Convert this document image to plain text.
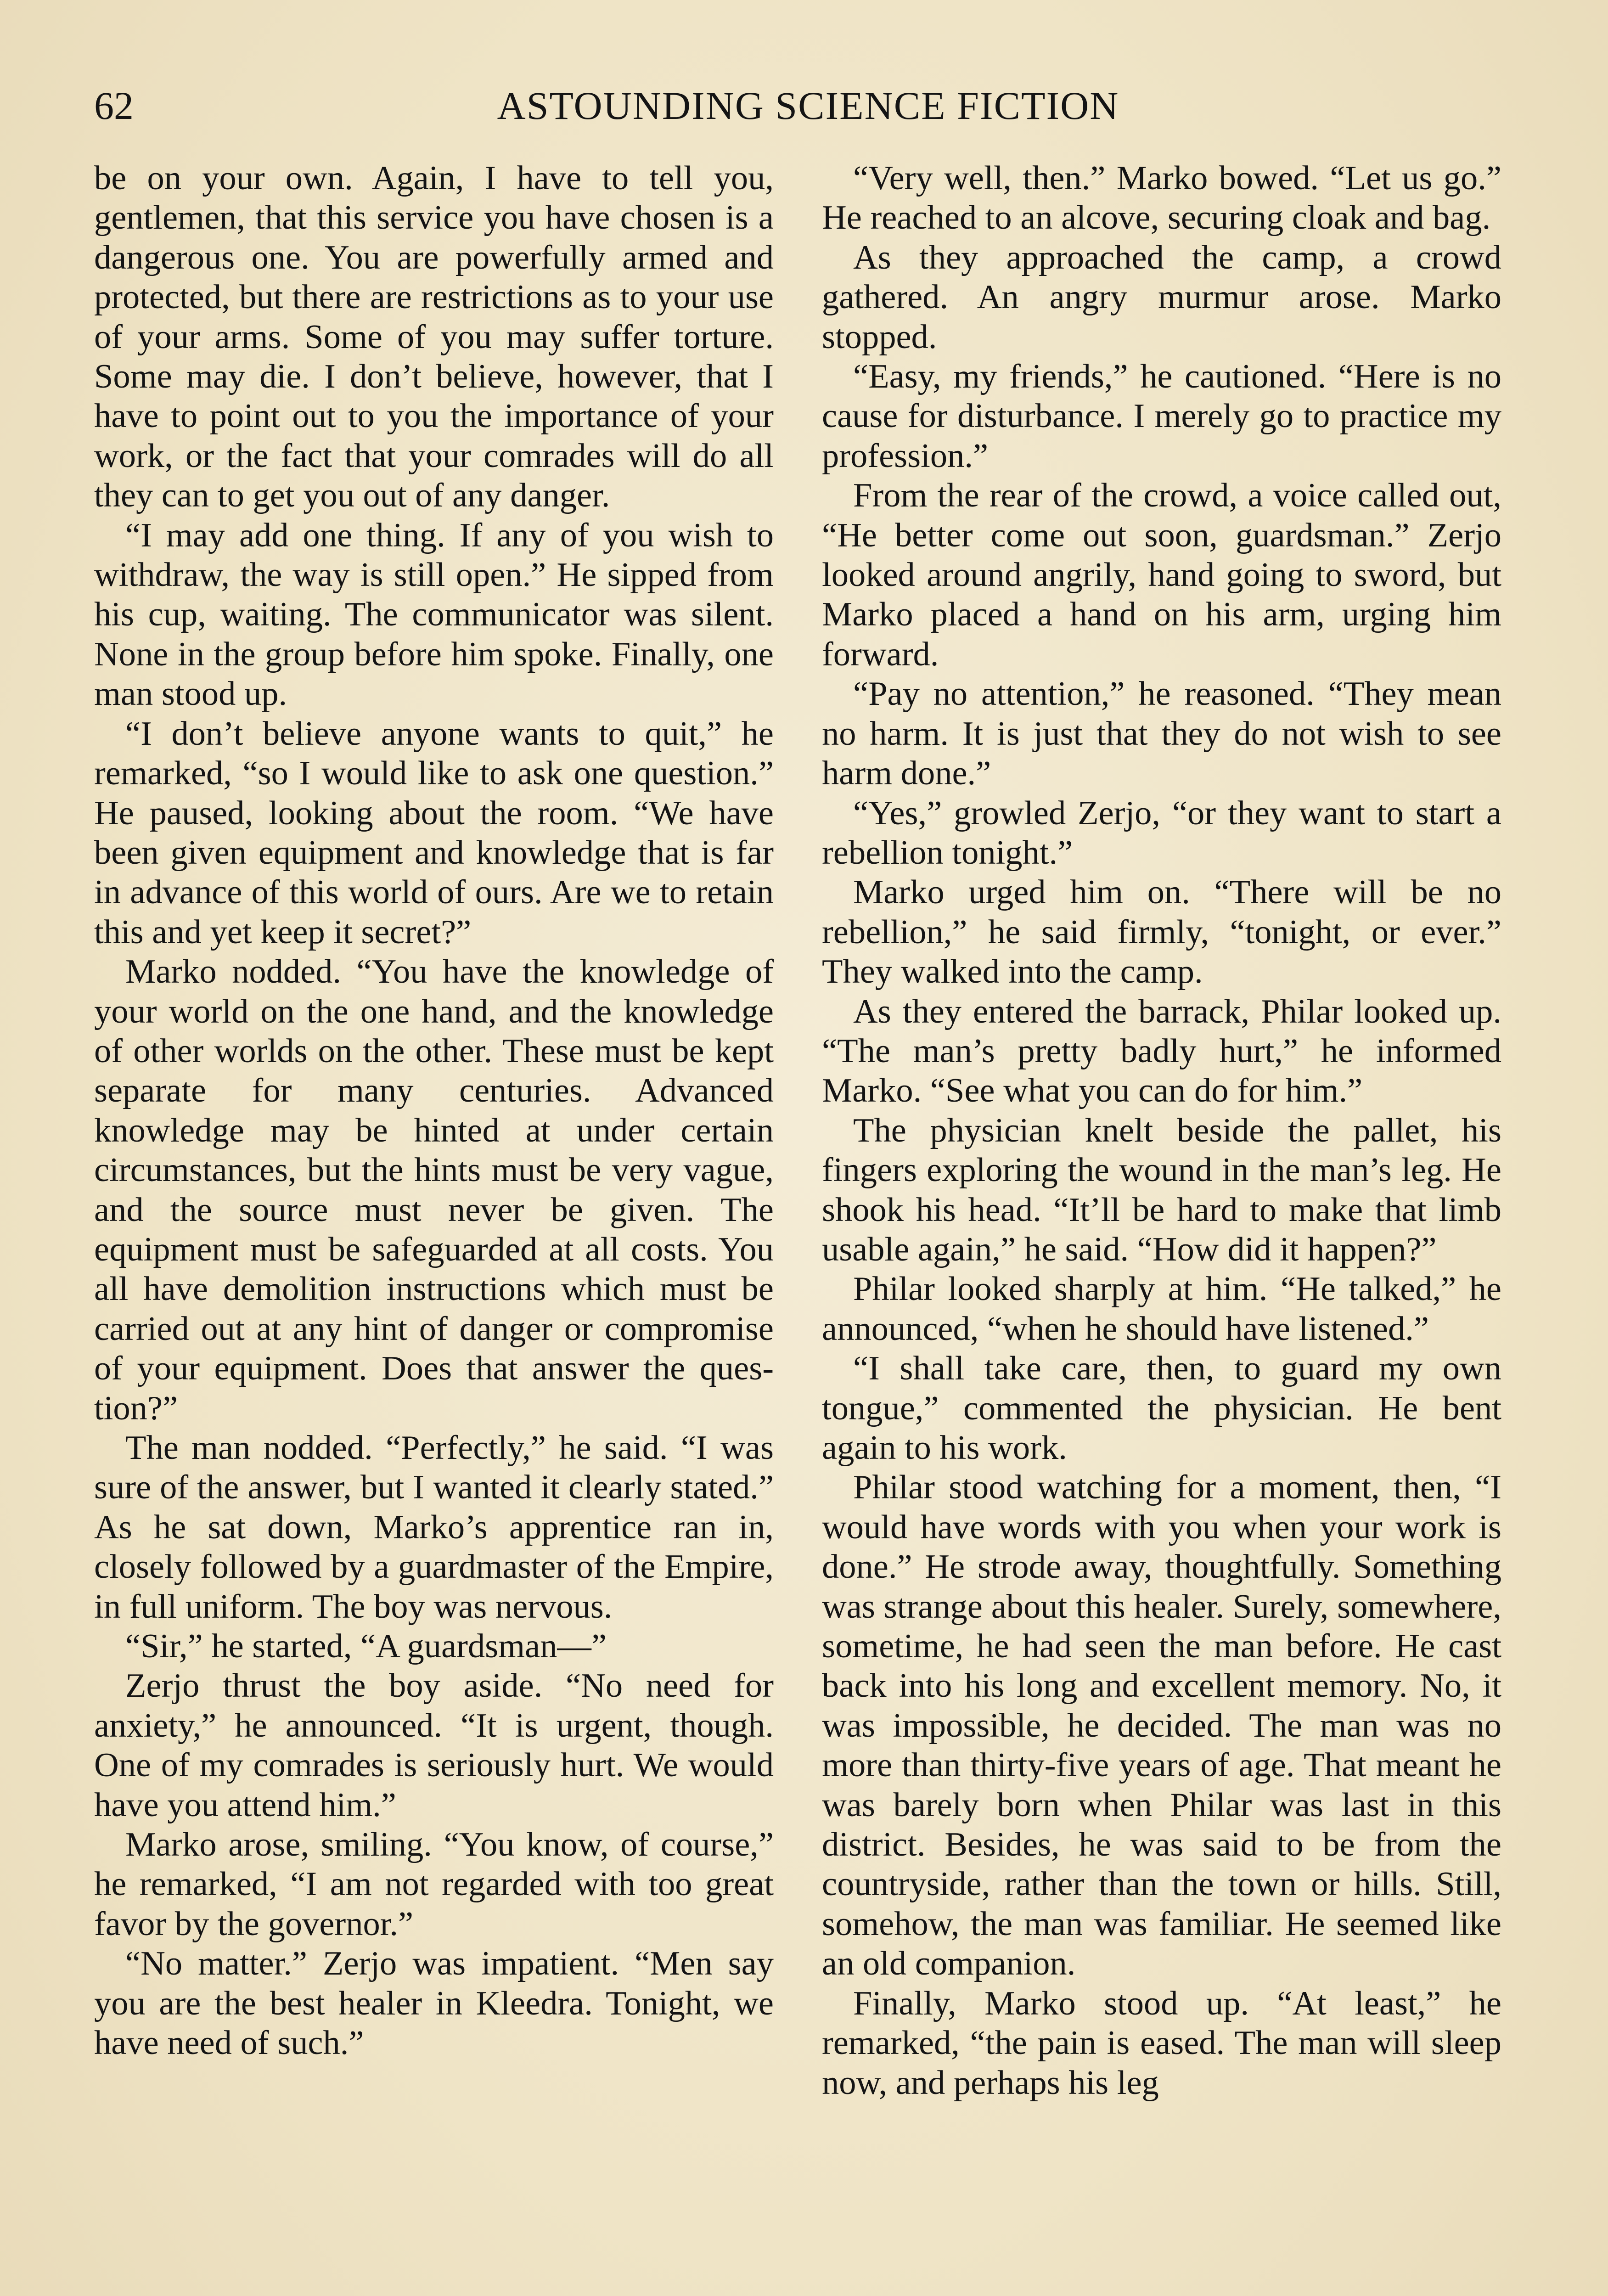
62	ASTOUNDING SCIENCE FICTION

be on your own. Again, I have to tell you, gentlemen, that this service you have chosen is a dangerous one. You are powerfully armed and protected, but there are restrictions as to your use of your arms. Some of you may suffer torture. Some may die. I don’t believe, however, that I have to point out to you the importance of your work, or the fact that your comrades will do all they can to get you out of any danger.

“I may add one thing. If any of you wish to withdraw, the way is still open.” He sipped from his cup, waiting. The communicator was silent. None in the group before him spoke. Finally, one man stood up.

“I don’t believe anyone wants to quit,” he remarked, “so I would like to ask one question.” He paused, looking about the room. “We have been given equipment and knowledge that is far in advance of this world of ours. Are we to retain this and yet keep it secret?”

Marko nodded. “You have the knowledge of your world on the one hand, and the knowledge of other worlds on the other. These must be kept separate for many centuries. Advanced knowledge may be hinted at under certain circumstances, but the hints must be very vague, and the source must never be given. The equipment must be safeguarded at all costs. You all have demolition instructions which must be carried out at any hint of danger or compromise of your equipment. Does that answer the question?”

The man nodded. “Perfectly,” he said. “I was sure of the answer, but I wanted it clearly stated.” As he sat down, Marko’s apprentice ran in, closely followed by a guardmaster of the Empire, in full uniform. The boy was nervous.

“Sir,” he started, “A guardsman—”

Zerjo thrust the boy aside. “No need for anxiety,” he announced. “It is urgent, though. One of my comrades is seriously hurt. We would have you attend him.”

Marko arose, smiling. “You know, of course,” he remarked, “I am not regarded with too great favor by the governor.”

“No matter.” Zerjo was impatient. “Men say you are the best healer in Kleedra. Tonight, we have need of such.”

“Very well, then.” Marko bowed. “Let us go.” He reached to an alcove, securing cloak and bag.

As they approached the camp, a crowd gathered. An angry murmur arose. Marko stopped.

“Easy, my friends,” he cautioned. “Here is no cause for disturbance. I merely go to practice my profession.”

From the rear of the crowd, a voice called out, “He better come out soon, guardsman.” Zerjo looked around angrily, hand going to sword, but Marko placed a hand on his arm, urging him forward.

“Pay no attention,” he reasoned. “They mean no harm. It is just that they do not wish to see harm done.”

“Yes,” growled Zerjo, “or they want to start a rebellion tonight.”

Marko urged him on. “There will be no rebellion,” he said firmly, “tonight, or ever.” They walked into the camp.

As they entered the barrack, Philar looked up. “The man’s pretty badly hurt,” he informed Marko. “See what you can do for him.”

The physician knelt beside the pallet, his fingers exploring the wound in the man’s leg. He shook his head. “It’ll be hard to make that limb usable again,” he said. “How did it happen?”

Philar looked sharply at him. “He talked,” he announced, “when he should have listened.”

“I shall take care, then, to guard my own tongue,” commented the physician. He bent again to his work.

Philar stood watching for a moment, then, “I would have words with you when your work is done.” He strode away, thoughtfully. Something was strange about this healer. Surely, somewhere, sometime, he had seen the man before. He cast back into his long and excellent memory. No, it was impossible, he decided. The man was no more than thirty-five years of age. That meant he was barely born when Philar was last in this district. Besides, he was said to be from the countryside, rather than the town or hills. Still, somehow, the man was familiar. He seemed like an old companion.

Finally, Marko stood up. “At least,” he remarked, “the pain is eased. The man will sleep now, and perhaps his leg
